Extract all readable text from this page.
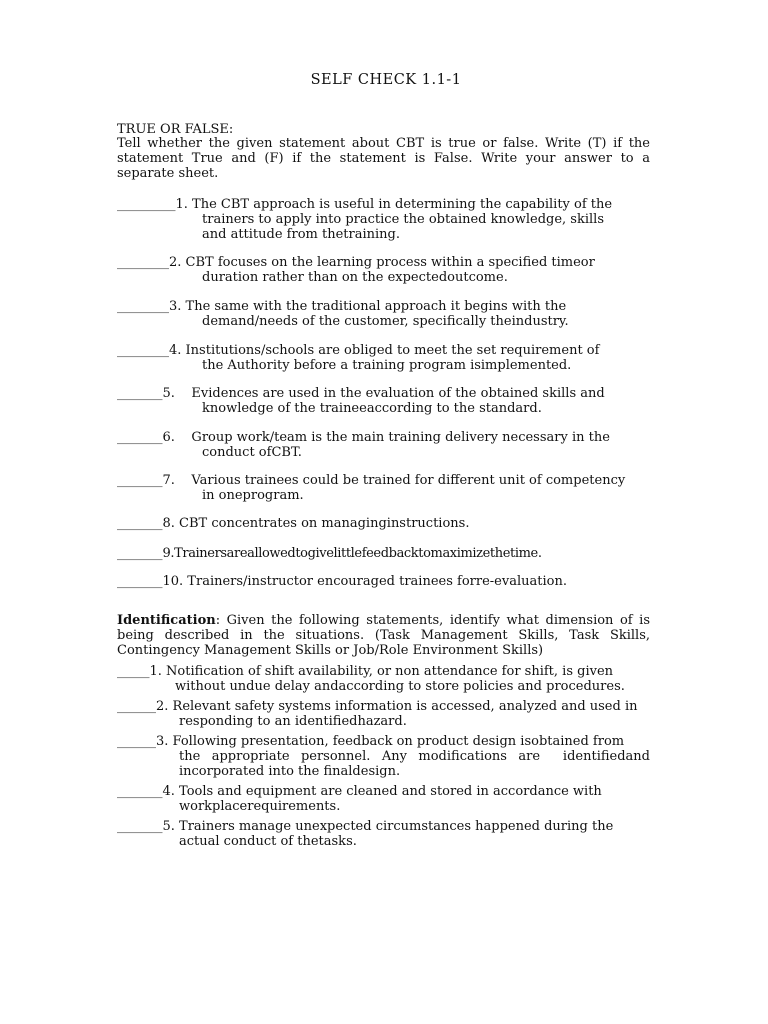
SELF CHECK 1.1-1
TRUE OR FALSE:
Tell whether the given statement about CBT is true or false. Write (T) if the statement True and (F) if the statement is False. Write your answer to a separate sheet.
_________1. The CBT approach is useful in determining the capability of the
trainers to apply into practice the obtained knowledge, skills
and attitude from thetraining.
________2. CBT focuses on the learning process within a specified timeor
duration rather than on the expectedoutcome.
________3. The same with the traditional approach it begins with the
demand/needs of the customer, specifically theindustry.
________4. Institutions/schools are obliged to meet the set requirement of
the Authority before a training program isimplemented.
_______5.    Evidences are used in the evaluation of the obtained skills and
knowledge of the traineeaccording to the standard.
_______6.    Group work/team is the main training delivery necessary in the
conduct ofCBT.
_______7.    Various trainees could be trained for different unit of competency
in oneprogram.
_______8. CBT concentrates on managinginstructions.
_______9.Trainersareallowedtogivelittlefeedbacktomaximizethetime.
_______10. Trainers/instructor encouraged trainees forre-evaluation.
Identification: Given the following statements, identify what dimension of is being described in the situations. (Task Management Skills, Task Skills, Contingency Management Skills or Job/Role Environment Skills)
_____1. Notification of shift availability, or non attendance for shift, is given
without undue delay andaccording to store policies and procedures.
______2. Relevant safety systems information is accessed, analyzed and used in
responding to an identifiedhazard.
______3. Following presentation, feedback on product design isobtained from
the  appropriate  personnel.  Any  modifications  are    identifiedand incorporated into the finaldesign.
_______4. Tools and equipment are cleaned and stored in accordance with
workplacerequirements.
_______5. Trainers manage unexpected circumstances happened during the
actual conduct of thetasks.
